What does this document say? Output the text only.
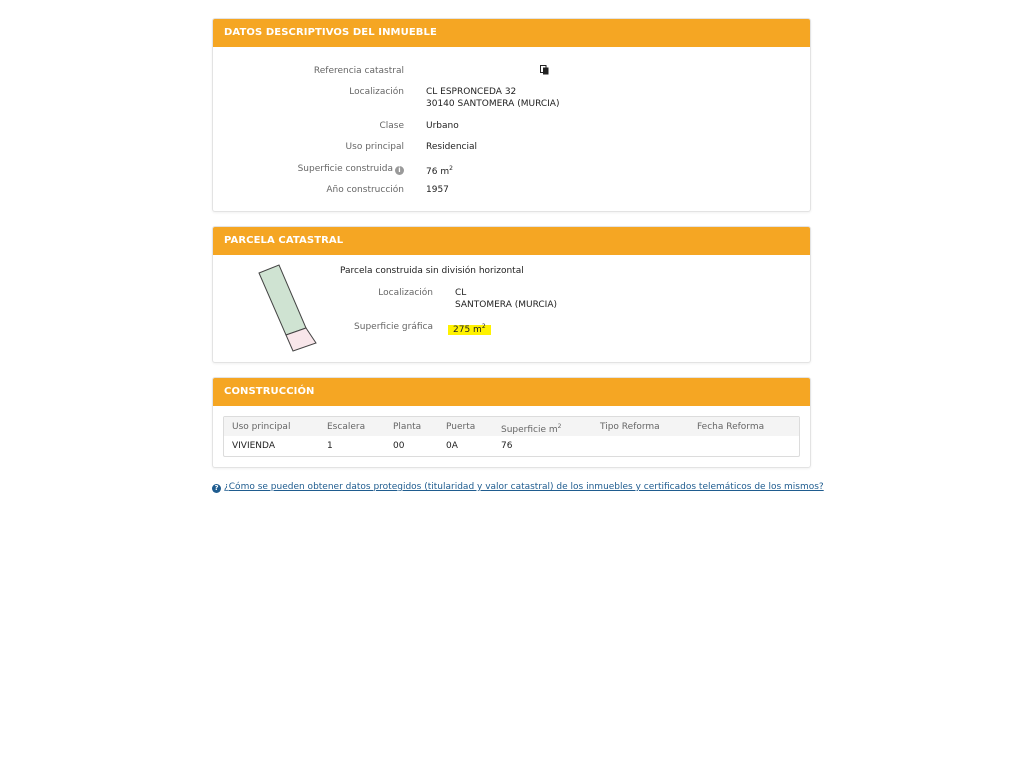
DATOS DESCRIPTIVOS DEL INMUEBLE
Referencia catastral
Localización CL ESPRONCEDA 32
30140 SANTOMERA (MURCIA)
Clase Urbano
Uso principal Residencial
Superficie construida i	76 $m^2$
Año construcción 1957
PARCELA CATASTRAL
Parcela construida sin división horizontal
Localización CL
SANTOMERA (MURCIA)
Superficie gráfica	275 $m^2$
CONSTRUCCIÓN
Uso principal	Escalera	Planta	Puerta	Superficie $m^2$	Tipo Reforma	Fecha Reforma
VIVIENDA	1	00	0A	76
? ¿Cómo se pueden obtener datos protegidos (titularidad y valor catastral) de los inmuebles y certificados telemáticos de los mismos?
